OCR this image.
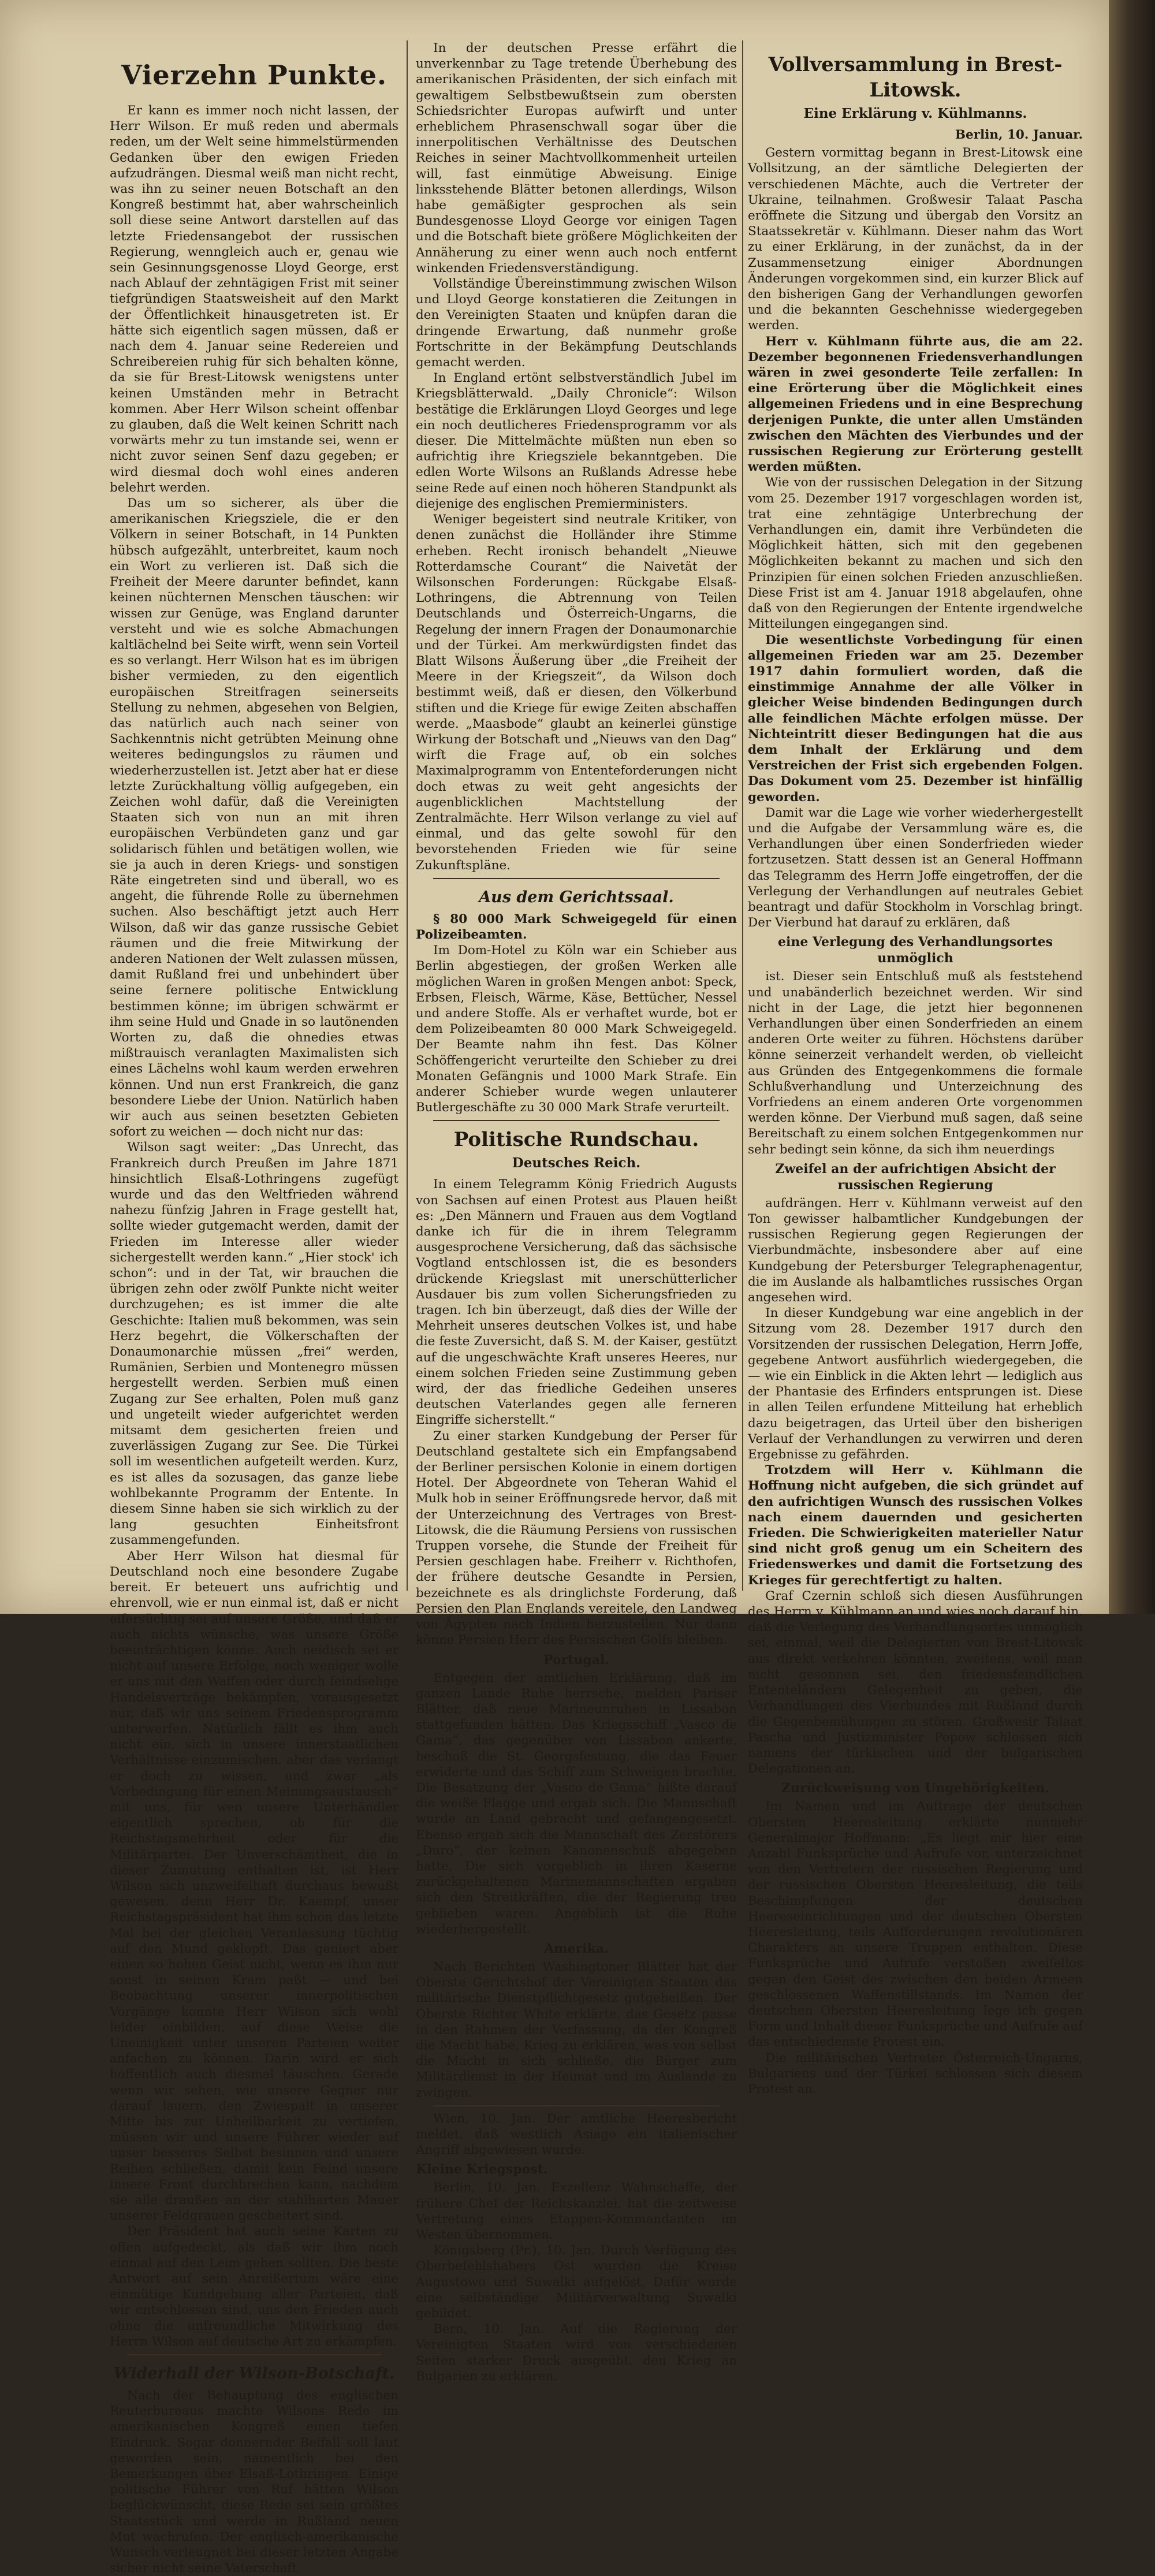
Vierzehn Punkte.

Er kann es immer noch nicht lassen, der Herr Wilson. Er muß reden und abermals reden, um der Welt seine himmelstürmenden Gedanken über den ewigen Frieden aufzudrängen. Diesmal weiß man nicht recht, was ihn zu seiner neuen Botschaft an den Kongreß bestimmt hat, aber wahrscheinlich soll diese seine Antwort darstellen auf das letzte Friedensangebot der russischen Regierung, wenngleich auch er, genau wie sein Gesinnungsgenosse Lloyd George, erst nach Ablauf der zehntägigen Frist mit seiner tiefgründigen Staatsweisheit auf den Markt der Öffentlichkeit hinausgetreten ist. Er hätte sich eigentlich sagen müssen, daß er nach dem 4. Januar seine Redereien und Schreibereien ruhig für sich behalten könne, da sie für Brest-Litowsk wenigstens unter keinen Umständen mehr in Betracht kommen. Aber Herr Wilson scheint offenbar zu glauben, daß die Welt keinen Schritt nach vorwärts mehr zu tun imstande sei, wenn er nicht zuvor seinen Senf dazu gegeben; er wird diesmal doch wohl eines anderen belehrt werden.

Das um so sicherer, als über die amerikanischen Kriegsziele, die er den Völkern in seiner Botschaft, in 14 Punkten hübsch aufgezählt, unterbreitet, kaum noch ein Wort zu verlieren ist. Daß sich die Freiheit der Meere darunter befindet, kann keinen nüchternen Menschen täuschen: wir wissen zur Genüge, was England darunter versteht und wie es solche Abmachungen kaltlächelnd bei Seite wirft, wenn sein Vorteil es so verlangt. Herr Wilson hat es im übrigen bisher vermieden, zu den eigentlich europäischen Streitfragen seinerseits Stellung zu nehmen, abgesehen von Belgien, das natürlich auch nach seiner von Sachkenntnis nicht getrübten Meinung ohne weiteres bedingungslos zu räumen und wiederherzustellen ist. Jetzt aber hat er diese letzte Zurückhaltung völlig aufgegeben, ein Zeichen wohl dafür, daß die Vereinigten Staaten sich von nun an mit ihren europäischen Verbündeten ganz und gar solidarisch fühlen und betätigen wollen, wie sie ja auch in deren Kriegs- und sonstigen Räte eingetreten sind und überall, wo es angeht, die führende Rolle zu übernehmen suchen. Also beschäftigt jetzt auch Herr Wilson, daß wir das ganze russische Gebiet räumen und die freie Mitwirkung der anderen Nationen der Welt zulassen müssen, damit Rußland frei und unbehindert über seine fernere politische Entwicklung bestimmen könne; im übrigen schwärmt er ihm seine Huld und Gnade in so lautönenden Worten zu, daß die ohnedies etwas mißtrauisch veranlagten Maximalisten sich eines Lächelns wohl kaum werden erwehren können. Und nun erst Frankreich, die ganz besondere Liebe der Union. Natürlich haben wir auch aus seinen besetzten Gebieten sofort zu weichen — doch nicht nur das:

Wilson sagt weiter: „Das Unrecht, das Frankreich durch Preußen im Jahre 1871 hinsichtlich Elsaß-Lothringens zugefügt wurde und das den Weltfrieden während nahezu fünfzig Jahren in Frage gestellt hat, sollte wieder gutgemacht werden, damit der Frieden im Interesse aller wieder sichergestellt werden kann.“ „Hier stock' ich schon“: und in der Tat, wir brauchen die übrigen zehn oder zwölf Punkte nicht weiter durchzugehen; es ist immer die alte Geschichte: Italien muß bekommen, was sein Herz begehrt, die Völkerschaften der Donaumonarchie müssen „frei“ werden, Rumänien, Serbien und Montenegro müssen hergestellt werden. Serbien muß einen Zugang zur See erhalten, Polen muß ganz und ungeteilt wieder aufgerichtet werden mitsamt dem gesicherten freien und zuverlässigen Zugang zur See. Die Türkei soll im wesentlichen aufgeteilt werden. Kurz, es ist alles da sozusagen, das ganze liebe wohlbekannte Programm der Entente. In diesem Sinne haben sie sich wirklich zu der lang gesuchten Einheitsfront zusammengefunden.

Aber Herr Wilson hat diesmal für Deutschland noch eine besondere Zugabe bereit. Er beteuert uns aufrichtig und ehrenvoll, wie er nun einmal ist, daß er nicht eifersüchtig sei auf unsere Größe, und daß er auch nichts wünsche, was unsere Größe beeinträchtigen könne. Auch neidisch sei er nicht auf unsere Erfolge, noch weniger wolle er uns mit den Waffen oder durch feindselige Handelsverträge bekämpfen, vorausgesetzt nur, daß wir uns seinem Friedensprogramm unterwerfen. Natürlich fällt es ihm auch nicht ein, sich in unsere innerstaatlichen Verhältnisse einzumischen, aber das verlangt er doch zu wissen, und zwar „als Vorbedingung für einen Meinungsaustausch“ mit uns, für wen unsere Unterhändler eigentlich sprechen, ob für die Reichstagsmehrheit oder für die Militärpartei. Der Unverschämtheit, die in dieser Zumutung enthalten ist, ist Herr Wilson sich unzweifelhaft durchaus bewußt gewesen, denn Herr Dr. Kaempf, unser Reichstagspräsident hat ihm schon das letzte Mal bei der gleichen Veranlassung tüchtig auf den Mund geklopft. Das geniert aber einen so hohen Geist nicht, wenn es ihm nur sonst in seinen Kram paßt — und bei Beobachtung unserer innerpolitischen Vorgänge konnte Herr Wilson sich wohl leider einbilden, auf diese Weise die Uneinigkeit unter unseren Parteien weiter anfachen zu können. Darin wird er sich hoffentlich auch diesmal täuschen. Gerade wenn wir sehen, wie unsere Gegner nur darauf lauern, den Zwiespalt in unserer Mitte bis zur Unheilbarkeit zu vertiefen, müssen wir und unsere Führer wieder auf unser besseres Selbst besinnen und unsere Reihen schließen, damit kein Feind unsere innere Front durchbrechen kann, nachdem sie alle draußen an der stahlharten Mauer unserer Feldgrauen gescheitert sind.

Der Präsident hat auch seine Karten zu offen aufgedeckt, als daß wir ihm noch einmal auf den Leim gehen sollten. Die beste Antwort auf sein Anreißertum wäre eine einmütige Kundgebung aller Parteien, daß wir entschlossen sind, uns den Frieden auch ohne die unfreundliche Mitwirkung des Herrn Wilson auf deutsche Art zu erkämpfen.

Widerhall der Wilson-Botschaft.

Nach der Behauptung des englischen Reuterbureaus machte Wilsons Rede im amerikanischen Kongreß einen tiefen Eindruck. Sogar donnernder Beifall soll laut geworden sein, namentlich bei den Bemerkungen über Elsaß-Lothringen. Einige politische Führer von Ruf hätten Wilson beglückwünscht, diese Rede sei sein größtes Staatsstück und werde in Rußland neuen Mut wachrufen. Der englisch-amerikanische Wunsch verleugnet bei dieser letzten Angabe sicher nicht seine Vaterschaft.

In der deutschen Presse erfährt die unverkennbar zu Tage tretende Überhebung des amerikanischen Präsidenten, der sich einfach mit gewaltigem Selbstbewußtsein zum obersten Schiedsrichter Europas aufwirft und unter erheblichem Phrasenschwall sogar über die innerpolitischen Verhältnisse des Deutschen Reiches in seiner Machtvollkommenheit urteilen will, fast einmütige Abweisung. Einige linksstehende Blätter betonen allerdings, Wilson habe gemäßigter gesprochen als sein Bundesgenosse Lloyd George vor einigen Tagen und die Botschaft biete größere Möglichkeiten der Annäherung zu einer wenn auch noch entfernt winkenden Friedensverständigung.

Vollständige Übereinstimmung zwischen Wilson und Lloyd George konstatieren die Zeitungen in den Vereinigten Staaten und knüpfen daran die dringende Erwartung, daß nunmehr große Fortschritte in der Bekämpfung Deutschlands gemacht werden.

In England ertönt selbstverständlich Jubel im Kriegsblätterwald. „Daily Chronicle“: Wilson bestätige die Erklärungen Lloyd Georges und lege ein noch deutlicheres Friedensprogramm vor als dieser. Die Mittelmächte müßten nun eben so aufrichtig ihre Kriegsziele bekanntgeben. Die edlen Worte Wilsons an Rußlands Adresse hebe seine Rede auf einen noch höheren Standpunkt als diejenige des englischen Premierministers.

Weniger begeistert sind neutrale Kritiker, von denen zunächst die Holländer ihre Stimme erheben. Recht ironisch behandelt „Nieuwe Rotterdamsche Courant“ die Naivetät der Wilsonschen Forderungen: Rückgabe Elsaß-Lothringens, die Abtrennung von Teilen Deutschlands und Österreich-Ungarns, die Regelung der innern Fragen der Donaumonarchie und der Türkei. Am merkwürdigsten findet das Blatt Wilsons Äußerung über „die Freiheit der Meere in der Kriegszeit“, da Wilson doch bestimmt weiß, daß er diesen, den Völkerbund stiften und die Kriege für ewige Zeiten abschaffen werde. „Maasbode“ glaubt an keinerlei günstige Wirkung der Botschaft und „Nieuws van den Dag“ wirft die Frage auf, ob ein solches Maximalprogramm von Ententeforderungen nicht doch etwas zu weit geht angesichts der augenblicklichen Machtstellung der Zentralmächte. Herr Wilson verlange zu viel auf einmal, und das gelte sowohl für den bevorstehenden Frieden wie für seine Zukunftspläne.

Aus dem Gerichtssaal.

§ 80 000 Mark Schweigegeld für einen Polizeibeamten.

Im Dom-Hotel zu Köln war ein Schieber aus Berlin abgestiegen, der großen Werken alle möglichen Waren in großen Mengen anbot: Speck, Erbsen, Fleisch, Wärme, Käse, Bettücher, Nessel und andere Stoffe. Als er verhaftet wurde, bot er dem Polizeibeamten 80 000 Mark Schweigegeld. Der Beamte nahm ihn fest. Das Kölner Schöffengericht verurteilte den Schieber zu drei Monaten Gefängnis und 1000 Mark Strafe. Ein anderer Schieber wurde wegen unlauterer Butlergeschäfte zu 30 000 Mark Strafe verurteilt.

Politische Rundschau.
Deutsches Reich.

In einem Telegramm König Friedrich Augusts von Sachsen auf einen Protest aus Plauen heißt es: „Den Männern und Frauen aus dem Vogtland danke ich für die in ihrem Telegramm ausgesprochene Versicherung, daß das sächsische Vogtland entschlossen ist, die es besonders drückende Kriegslast mit unerschütterlicher Ausdauer bis zum vollen Sicherungsfrieden zu tragen. Ich bin überzeugt, daß dies der Wille der Mehrheit unseres deutschen Volkes ist, und habe die feste Zuversicht, daß S. M. der Kaiser, gestützt auf die ungeschwächte Kraft unseres Heeres, nur einem solchen Frieden seine Zustimmung geben wird, der das friedliche Gedeihen unseres deutschen Vaterlandes gegen alle ferneren Eingriffe sicherstellt.“

Zu einer starken Kundgebung der Perser für Deutschland gestaltete sich ein Empfangsabend der Berliner persischen Kolonie in einem dortigen Hotel. Der Abgeordnete von Teheran Wahid el Mulk hob in seiner Eröffnungsrede hervor, daß mit der Unterzeichnung des Vertrages von Brest-Litowsk, die die Räumung Persiens von russischen Truppen vorsehe, die Stunde der Freiheit für Persien geschlagen habe. Freiherr v. Richthofen, der frühere deutsche Gesandte in Persien, bezeichnete es als dringlichste Forderung, daß Persien den Plan Englands vereitele, den Landweg von Ägypten nach Indien herzustellen. Nur dann könne Persien Herr des Persischen Golfs bleiben.

Portugal.

Entgegen der amtlichen Erklärung, daß im ganzen Lande Ruhe herrsche, melden Pariser Blätter, daß neue Marineunruhen in Lissabon stattgefunden hätten. Das Kriegsschiff „Vasco de Gama“, das gegenüber von Lissabon ankerte, beschoß die St. Georgsfestung, die das Feuer erwiderte und das Schiff zum Schweigen brachte. Die Besatzung der „Vasco de Gama“ hißte darauf die weiße Flagge und ergab sich. Die Mannschaft wurde an Land gebracht und gefangengesetzt. Ebenso ergab sich die Mannschaft des Zerstörers „Duro“, der keinen Kanonenschuß abgegeben hatte. Die sich vorgeblich in ihren Kaserne zurückgehaltenen Marinemannschaften ergaben sich den Streitkräften, die der Regierung treu geblieben waren. Angeblich ist die Ruhe wiederhergestellt.

Amerika.

Nach Berichten Washingtoner Blätter hat der Oberste Gerichtshof der Vereinigten Staaten das militärische Dienstpflichtgesetz gutgeheißen. Der Oberste Richter White erklärte, das Gesetz passe in den Rahmen der Verfassung, da der Kongreß die Macht habe, Krieg zu erklären, was von selbst die Macht in sich schließe, die Bürger zum Militärdienst in der Heimat und im Auslande zu zwingen.

Wien, 10. Jan. Der amtliche Heeresbericht meldet, daß westlich Asiago ein italienischer Angriff abgewiesen wurde.

Kleine Kriegspost.

Berlin, 10. Jan. Exzellenz Wahnschaffe, der frühere Chef der Reichskanzlei, hat die zeitweise Vertretung eines Etappen-Kommandanten im Westen übernommen.

Königsberg (Pr.), 10. Jan. Durch Verfügung des Oberbefehlshabers Ost wurden die Kreise Augustowo und Suwalki aufgelöst. Dafür wurde eine selbständige Militärverwaltung Suwalki gebildet.

Bern, 10. Jan. Auf die Regierung der Vereinigten Staaten wird von verschiedenen Seiten starker Druck ausgeübt, den Krieg an Bulgarien zu erklären.

Vollversammlung in Brest-Litowsk.
Eine Erklärung v. Kühlmanns.

Berlin, 10. Januar.

Gestern vormittag begann in Brest-Litowsk eine Vollsitzung, an der sämtliche Delegierten der verschiedenen Mächte, auch die Vertreter der Ukraine, teilnahmen. Großwesir Talaat Pascha eröffnete die Sitzung und übergab den Vorsitz an Staatssekretär v. Kühlmann. Dieser nahm das Wort zu einer Erklärung, in der zunächst, da in der Zusammensetzung einiger Abordnungen Änderungen vorgekommen sind, ein kurzer Blick auf den bisherigen Gang der Verhandlungen geworfen und die bekannten Geschehnisse wiedergegeben werden.

Herr v. Kühlmann führte aus, die am 22. Dezember begonnenen Friedensverhandlungen wären in zwei gesonderte Teile zerfallen: In eine Erörterung über die Möglichkeit eines allgemeinen Friedens und in eine Besprechung derjenigen Punkte, die unter allen Umständen zwischen den Mächten des Vierbundes und der russischen Regierung zur Erörterung gestellt werden müßten.

Wie von der russischen Delegation in der Sitzung vom 25. Dezember 1917 vorgeschlagen worden ist, trat eine zehntägige Unterbrechung der Verhandlungen ein, damit ihre Verbündeten die Möglichkeit hätten, sich mit den gegebenen Möglichkeiten bekannt zu machen und sich den Prinzipien für einen solchen Frieden anzuschließen. Diese Frist ist am 4. Januar 1918 abgelaufen, ohne daß von den Regierungen der Entente irgendwelche Mitteilungen eingegangen sind.

Die wesentlichste Vorbedingung für einen allgemeinen Frieden war am 25. Dezember 1917 dahin formuliert worden, daß die einstimmige Annahme der alle Völker in gleicher Weise bindenden Bedingungen durch alle feindlichen Mächte erfolgen müsse. Der Nichteintritt dieser Bedingungen hat die aus dem Inhalt der Erklärung und dem Verstreichen der Frist sich ergebenden Folgen. Das Dokument vom 25. Dezember ist hinfällig geworden.

Damit war die Lage wie vorher wiederhergestellt und die Aufgabe der Versammlung wäre es, die Verhandlungen über einen Sonderfrieden wieder fortzusetzen. Statt dessen ist an General Hoffmann das Telegramm des Herrn Joffe eingetroffen, der die Verlegung der Verhandlungen auf neutrales Gebiet beantragt und dafür Stockholm in Vorschlag bringt. Der Vierbund hat darauf zu erklären, daß

eine Verlegung des Verhandlungsortes unmöglich

ist. Dieser sein Entschluß muß als feststehend und unabänderlich bezeichnet werden. Wir sind nicht in der Lage, die jetzt hier begonnenen Verhandlungen über einen Sonderfrieden an einem anderen Orte weiter zu führen. Höchstens darüber könne seinerzeit verhandelt werden, ob vielleicht aus Gründen des Entgegenkommens die formale Schlußverhandlung und Unterzeichnung des Vorfriedens an einem anderen Orte vorgenommen werden könne. Der Vierbund muß sagen, daß seine Bereitschaft zu einem solchen Entgegenkommen nur sehr bedingt sein könne, da sich ihm neuerdings

Zweifel an der aufrichtigen Absicht der russischen Regierung

aufdrängen. Herr v. Kühlmann verweist auf den Ton gewisser halbamtlicher Kundgebungen der russischen Regierung gegen Regierungen der Vierbundmächte, insbesondere aber auf eine Kundgebung der Petersburger Telegraphenagentur, die im Auslande als halbamtliches russisches Organ angesehen wird.

In dieser Kundgebung war eine angeblich in der Sitzung vom 28. Dezember 1917 durch den Vorsitzenden der russischen Delegation, Herrn Joffe, gegebene Antwort ausführlich wiedergegeben, die — wie ein Einblick in die Akten lehrt — lediglich aus der Phantasie des Erfinders entsprungen ist. Diese in allen Teilen erfundene Mitteilung hat erheblich dazu beigetragen, das Urteil über den bisherigen Verlauf der Verhandlungen zu verwirren und deren Ergebnisse zu gefährden.

Trotzdem will Herr v. Kühlmann die Hoffnung nicht aufgeben, die sich gründet auf den aufrichtigen Wunsch des russischen Volkes nach einem dauernden und gesicherten Frieden. Die Schwierigkeiten materieller Natur sind nicht groß genug um ein Scheitern des Friedenswerkes und damit die Fortsetzung des Krieges für gerechtfertigt zu halten.

Graf Czernin schloß sich diesen Ausführungen des Herrn v. Kühlmann an und wies noch darauf hin, daß die Verlegung des Verhandlungsortes unmöglich sei, einmal, weil die Delegierten von Brest-Litowsk aus direkt verkehren könnten, zweitens, weil man nicht gesonnen sei, den friedensfeindlichen Ententeländern Gelegenheit zu geben, die Verhandlungen des Vierbundes mit Rußland durch die Gegenbemühungen zu stören. Großwesir Talaat Pascha und Justizminister Popow schlossen sich namens der türkischen und der bulgarischen Delegationen an.

Zurückweisung von Ungehörigkeiten.

Im Namen und im Auftrage der deutschen Obersten Heeresleitung erklärte nunmehr Generalmajor Hoffmann: „Es liegt mir hier eine Anzahl Funksprüche und Aufrufe vor, unterzeichnet von den Vertretern der russischen Regierung und der russischen Obersten Heeresleitung, die teils Beschimpfungen der deutschen Heereseinrichtungen und der deutschen Obersten Heeresleitung, teils Aufforderungen revolutionären Charakters an unsere Truppen enthalten. Diese Funksprüche und Aufrufe verstoßen zweifellos gegen den Geist des zwischen den beiden Armeen geschlossenen Waffenstillstands. Im Namen der deutschen Obersten Heeresleitung lege ich gegen Form und Inhalt dieser Funksprüche und Aufrufe auf das entschiedenste Protest ein.

Die militärischen Vertreter Österreich-Ungarns, Bulgariens und der Türkei schlossen sich diesem Protest an.
